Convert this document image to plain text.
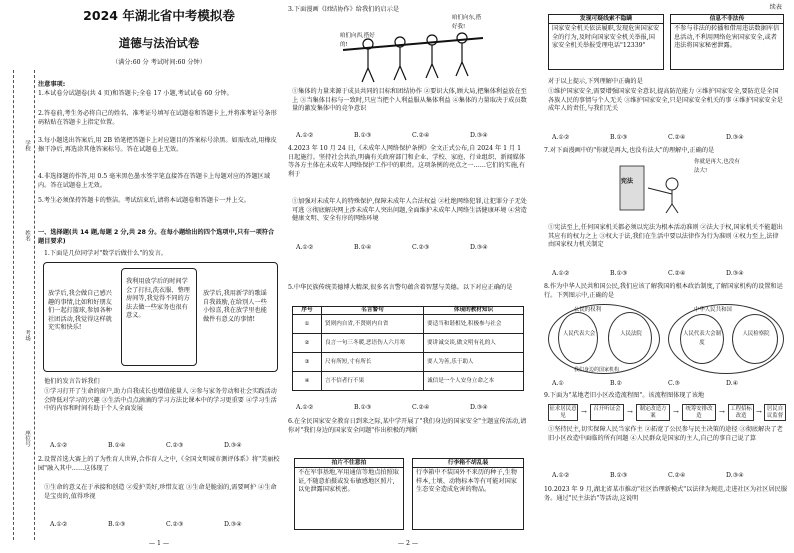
学校
姓名
考场
座位号
2024 年湖北省中考模拟卷
道德与法治试卷
（满分:60 分 考试时间:60 分钟）
注意事项:
1.本试卷分试题卷(共 4 页)和答题卡;全卷 17 小题,考试试卷 60 分钟。
2.答卷前,考生务必将自己的姓名、准考证号填写在试题卷和答题卡上,并将准考证号条形码粘贴在答题卡上指定位置。
3.每小题选出答案后,用 2B 铅笔把答题卡上对应题目的答案标号涂黑。如需改动,用橡皮擦干净后,再选涂其他答案标号。答在试题卷上无效。
4.非选择题的作答,用 0.5 毫米黑色墨水签字笔直接答在答题卡上每题对应的答题区域内。答在试题卷上无效。
5.考生必须保持答题卡的整洁。考试结束后,请将本试题卷和答题卡一并上交。
一、选择题(共 14 题,每题 2 分,共 28 分。在每小题给出的四个选项中,只有一项符合题目要求)
1.下面是几位同学对"数学后做什么"的发言。
放学后,我会做自己感兴趣的事情,比如和好朋友们一起打篮球,参加各种社团活动,我觉得这样就充实和快乐!
我利用放学后的时间学会了打扫,洗衣服、整理房间等,我觉得不同的方法去做一些家务也很有意义。
放学后,我用新学的歌谣自我鼓励,在给别人一些小惊喜,我在放学里也能做件有意义的事情!
他们的发言告诉我们
①学习打开了生命的窗户,助力自我成长也增值能量人 ②参与家务劳动和社会实践活动会降低对学习的兴趣 ③生活中点点滴滴的学习方法比课本中的学习更重要 ④学习生活中的内容和时间有助于个人全面发展
A.①②	B.①④	C.②③	D.③④
2.设置首选大赛上的了为性育人世界,合作育人之中,《全国文明城市测评体系》将"美丽校园"融入其中……这体现了
①生命的意义在于承接和创造 ②爱护美好,珍惜友谊 ③生命是脆弱的,需要呵护 ④生命是宝贵的,值得珍视
A.①②	B.①③	C.②③	D.③④
— 1 —
3.下面漫画《团结协作》给我们的启示是
咱们向西,搭好的!
咱们向东,搭好我!
①集体的力量来源于成员共同的目标和团结协作 ②要识大体,顾大局,把集体利益放在至上 ③当集体目标与一致时,只应当把个人利益服从集体利益 ④集体的力量取决于成员数量的激发集体中的竞争意识
A.①②	B.①③	C.②④	D.③④
4.2023 年 10 月 24 日,《未成年人网络保护条例》全文正式公布,自 2024 年 1 月 1 日起施行。坚持社会共治,明确有关政府部门和企业、学校、家庭、行业组织、新闻媒体等各方主体在未成年人网络保护工作中的职责。这项条例的亮点之一……它们的实施,有利于
①加强对未成年人的特殊保护,保障未成年人合法权益 ②杜绝网络犯罪,让犯罪分子无处可逃 ③彻底解决网上涉未成年人突出问题,全面维护未成年人网络生活健康环境 ④营造健康文明、安全有序的网络环境
A.①②	B.①④	C.②③	D.③④
5.中华民族传统美德博大精深,很多名言警句蕴含着智慧与美德。以下对应正确的是
序号	名言警句	体现的教材知识
①	贤则内自省,不贤则内自省	要适当和谐相处,积极参与社会
②	良言一句三冬暖,恶语伤人六月寒	要讲诚交谈,做文明有礼的人
③	尺有所短,寸有所长	要人为善,乐于助人
④	言不信者行不果	诚信是一个人安身立命之本
A.①②	B.①③	C.②④	D.③④
6.在全民国家安全教育日到来之际,某中学开展了"我们身边的国家安全"主题宣传活动,请你对"我们身边的国家安全问题"作出积极的判断
拍片不往意拍
不在军事基地,军用通信等地点拍照取证,不随意拍摄或发布敏感地区照片,以免泄露国家机密。
行李箱不胡乱装
行李箱中不装国外不来历的种子,生物样本,土壤、动物标本等有可能对国家生态安全造成危害的物品。
— 2 —
续表
发现可疑线索不隐瞒
国家安全机关依法履职,发现危害国家安全的行为,及时向国家安全机关举报,国家安全机关举报受理电话"12339"
信息不非法传
不参与非法的转播和借用违法数据库信息活动,不利用网络危害国家安全,或者违法将国家秘密泄露。
对于以上提示,下列理解中正确的是
①维护国家安全,需要增强国家安全意识,提高防范能力 ②维护国家安全,要防范是全国各族人民的事情与个人无关 ③维护国家安全,只是国家安全机关的事 ④维护国家安全是成年人的责任,与我们无关
A.①②	B.①③	C.②④	D.③④
7.对下面漫画中的"你就是再大,也没有法大"的理解中,正确的是
宪法
你就是再大,也没有法大!
①宪法至上,任何国家机关都必须以宪法为根本活动准则 ②法大于权,国家机关不能超出其应有的权力之上 ③权大于法,我们在生活中要以法律作为行为准则 ④权力至上,法律由国家权力机关制定
A.①②	B.①③	C.②④	D.③④
8.作为中华人民共和国公民,我们应该了解我国的根本政治制度,了解国家机构的设置和运行。下列图示中,正确的是
公民的权利
人民代表大会	人民法院
中华人民共和国
人民代表大会制度
人民检察院
我们身边的国家机构
A.①	B.②	C.③	D.④
9.下面为"某地老旧小区改造流程图"。该流程图体现了该地
征求居民意见	→	召开听证会 →	制定改造方案	→	统筹安排改造	→ 工程招标改造	→ 居民自议监督
①坚持民主,切实保障人民当家作主 ②拓宽了公民参与民主决策的途径 ③彻底解决了老旧小区改造中面临的所有问题 ④人民群众是国家的主人,自己的事自己说了算
A.①②	B.①③	C.②④	D.③④
10.2023 年 9 月,湖北省某市推动"社区治理新模式"以法律为规范,走进社区为社区居民服务。通过"民主法治"等活动,这说明
